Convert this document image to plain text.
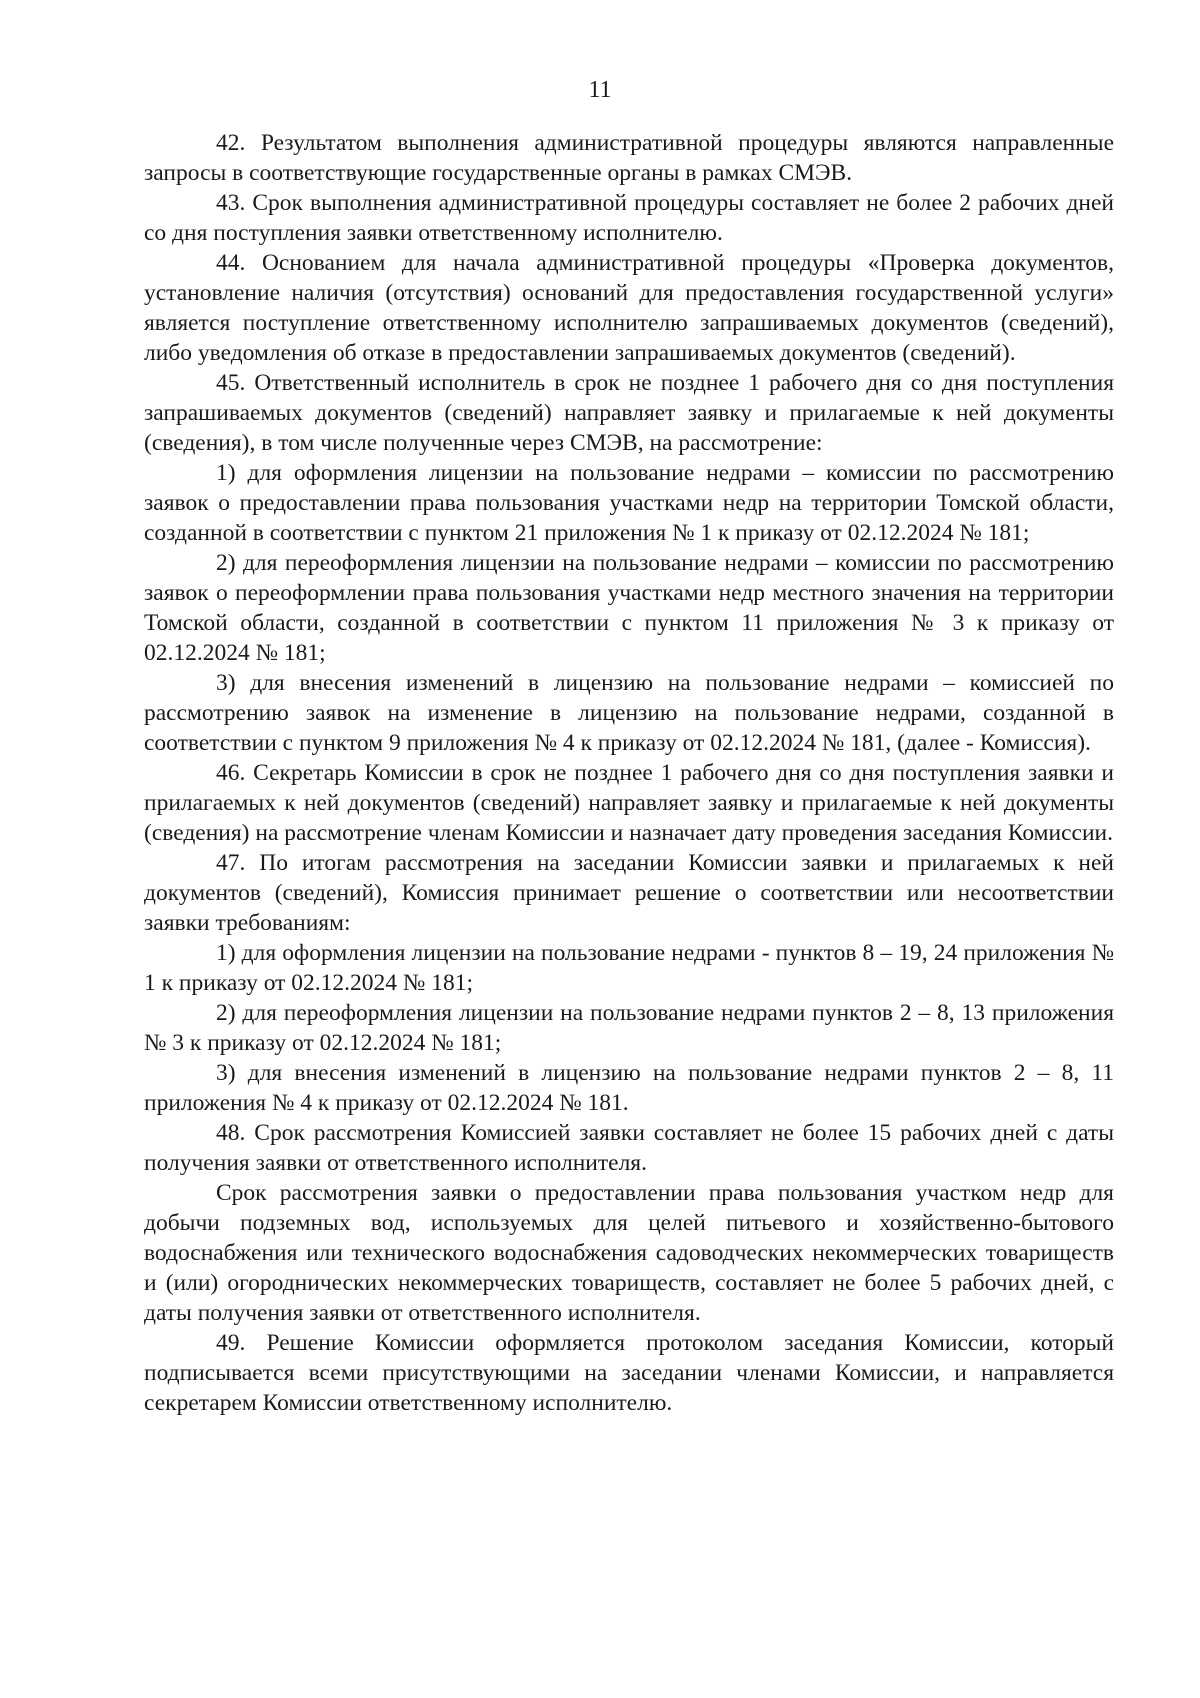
11

42. Результатом выполнения административной процедуры являются направленные запросы в соответствующие государственные органы в рамках СМЭВ.

43. Срок выполнения административной процедуры составляет не более 2 рабочих дней со дня поступления заявки ответственному исполнителю.

44. Основанием для начала административной процедуры «Проверка документов, установление наличия (отсутствия) оснований для предоставления государственной услуги» является поступление ответственному исполнителю запрашиваемых документов (сведений), либо уведомления об отказе в предоставлении запрашиваемых документов (сведений).

45. Ответственный исполнитель в срок не позднее 1 рабочего дня со дня поступления запрашиваемых документов (сведений) направляет заявку и прилагаемые к ней документы (сведения), в том числе полученные через СМЭВ, на рассмотрение:

1) для оформления лицензии на пользование недрами – комиссии по рассмотрению заявок о предоставлении права пользования участками недр на территории Томской области, созданной в соответствии с пунктом 21 приложения № 1 к приказу от 02.12.2024 № 181;

2) для переоформления лицензии на пользование недрами – комиссии по рассмотрению заявок о переоформлении права пользования участками недр местного значения на территории Томской области, созданной в соответствии с пунктом 11 приложения № 3 к приказу от 02.12.2024 № 181;

3) для внесения изменений в лицензию на пользование недрами – комиссией по рассмотрению заявок на изменение в лицензию на пользование недрами, созданной в соответствии с пунктом 9 приложения № 4 к приказу от 02.12.2024 № 181, (далее - Комиссия).

46. Секретарь Комиссии в срок не позднее 1 рабочего дня со дня поступления заявки и прилагаемых к ней документов (сведений) направляет заявку и прилагаемые к ней документы (сведения) на рассмотрение членам Комиссии и назначает дату проведения заседания Комиссии.

47. По итогам рассмотрения на заседании Комиссии заявки и прилагаемых к ней документов (сведений), Комиссия принимает решение о соответствии или несоответствии заявки требованиям:

1) для оформления лицензии на пользование недрами - пунктов 8 – 19, 24 приложения № 1 к приказу от 02.12.2024 № 181;

2) для переоформления лицензии на пользование недрами пунктов 2 – 8, 13 приложения № 3 к приказу от 02.12.2024 № 181;

3) для внесения изменений в лицензию на пользование недрами пунктов 2 – 8, 11 приложения № 4 к приказу от 02.12.2024 № 181.

48. Срок рассмотрения Комиссией заявки составляет не более 15 рабочих дней с даты получения заявки от ответственного исполнителя.

Срок рассмотрения заявки о предоставлении права пользования участком недр для добычи подземных вод, используемых для целей питьевого и хозяйственно-бытового водоснабжения или технического водоснабжения садоводческих некоммерческих товариществ и (или) огороднических некоммерческих товариществ, составляет не более 5 рабочих дней, с даты получения заявки от ответственного исполнителя.

49. Решение Комиссии оформляется протоколом заседания Комиссии, который подписывается всеми присутствующими на заседании членами Комиссии, и направляется секретарем Комиссии ответственному исполнителю.
